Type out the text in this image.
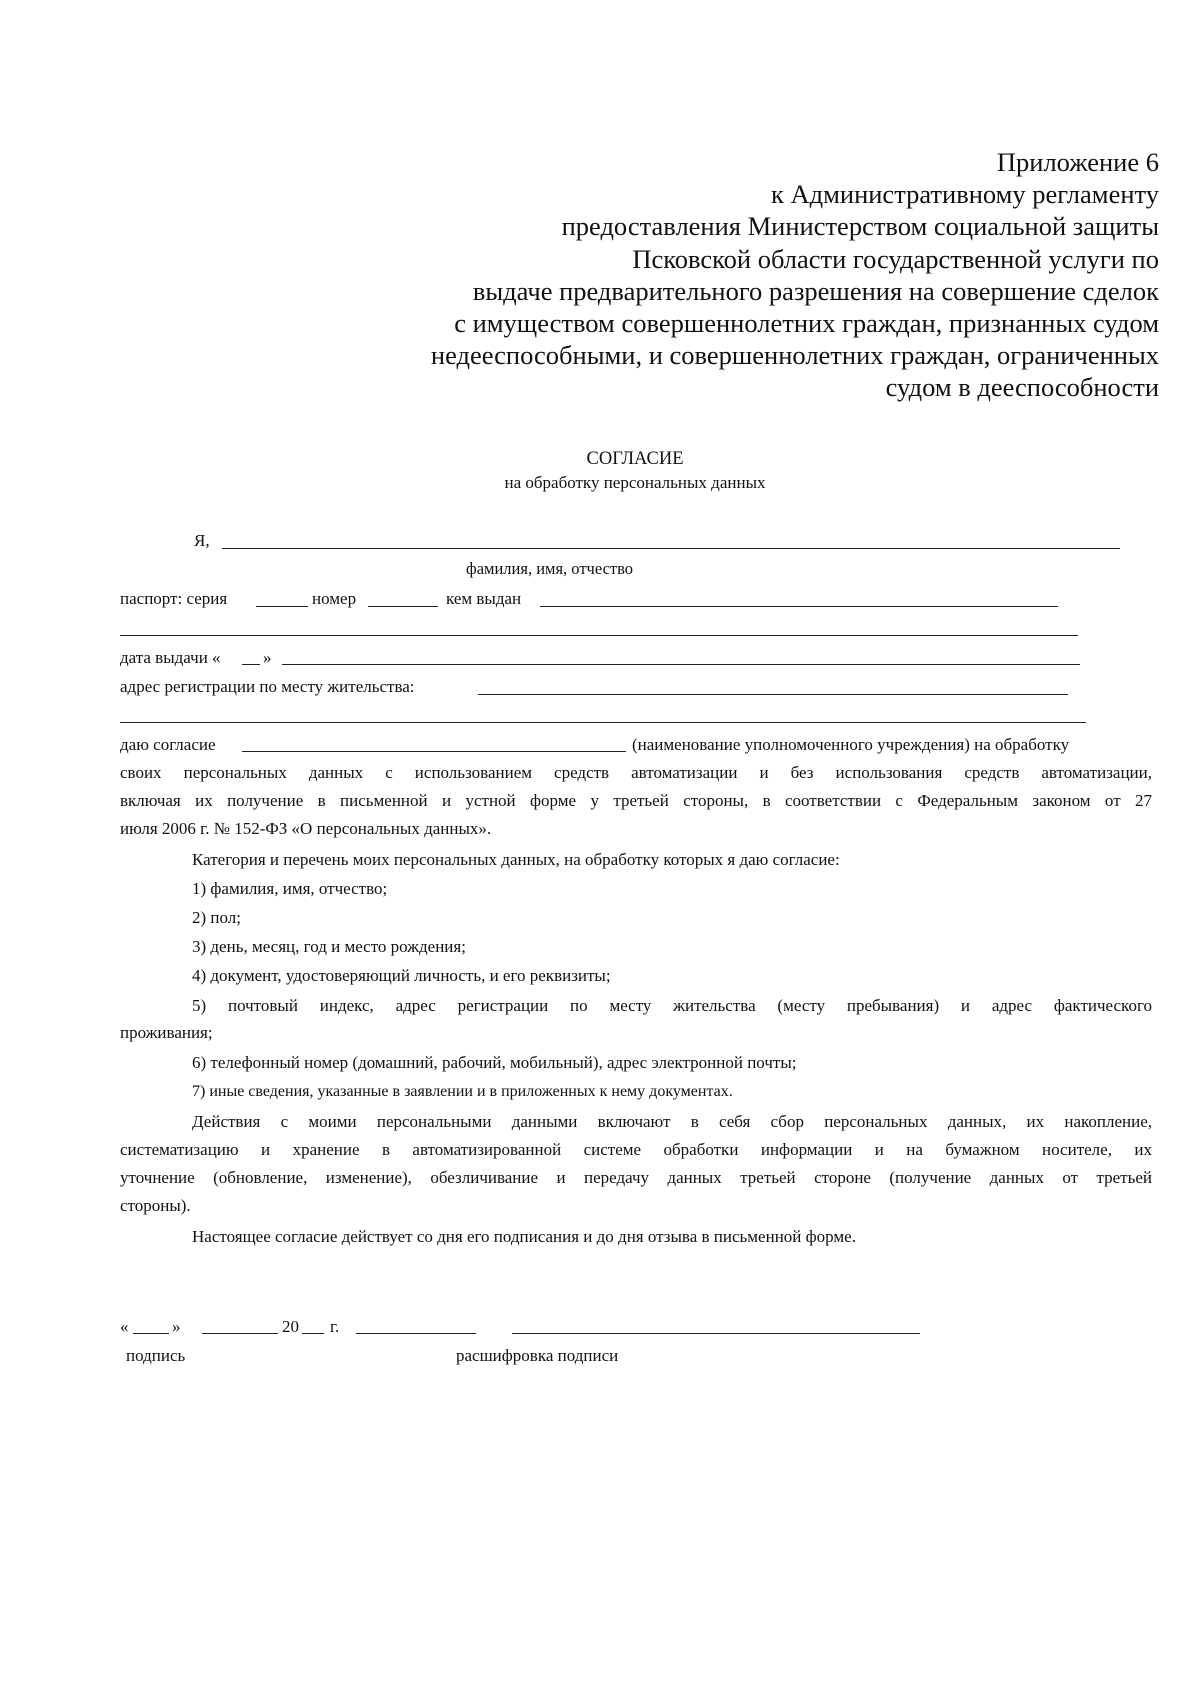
Приложение 6
к Административному регламенту
предоставления Министерством социальной защиты
Псковской области государственной услуги по
выдаче предварительного разрешения на совершение сделок
с имуществом совершеннолетних граждан, признанных судом
недееспособными, и совершеннолетних граждан, ограниченных
судом в дееспособности
СОГЛАСИЕ
на обработку персональных данных
Я,
фамилия, имя, отчество
паспорт: серия	номер	кем выдан
дата выдачи « »
адрес регистрации по месту жительства:
даю согласие	(наименование уполномоченного учреждения) на обработку
своих персональных данных с использованием средств автоматизации и без использования средств автоматизации,
включая их получение в письменной и устной форме у третьей стороны, в соответствии с Федеральным законом от 27
июля 2006 г. № 152-ФЗ «О персональных данных».
Категория и перечень моих персональных данных, на обработку которых я даю согласие:
1) фамилия, имя, отчество;
2) пол;
3) день, месяц, год и место рождения;
4) документ, удостоверяющий личность, и его реквизиты;
5) почтовый индекс, адрес регистрации по месту жительства (месту пребывания) и адрес фактического
проживания;
6) телефонный номер (домашний, рабочий, мобильный), адрес электронной почты;
7) иные сведения, указанные в заявлении и в приложенных к нему документах.
Действия с моими персональными данными включают в себя сбор персональных данных, их накопление,
систематизацию и хранение в автоматизированной системе обработки информации и на бумажном носителе, их
уточнение (обновление, изменение), обезличивание и передачу данных третьей стороне (получение данных от третьей
стороны).
Настоящее согласие действует со дня его подписания и до дня отзыва в письменной форме.
«	»	20 г.
подпись	расшифровка подписи
